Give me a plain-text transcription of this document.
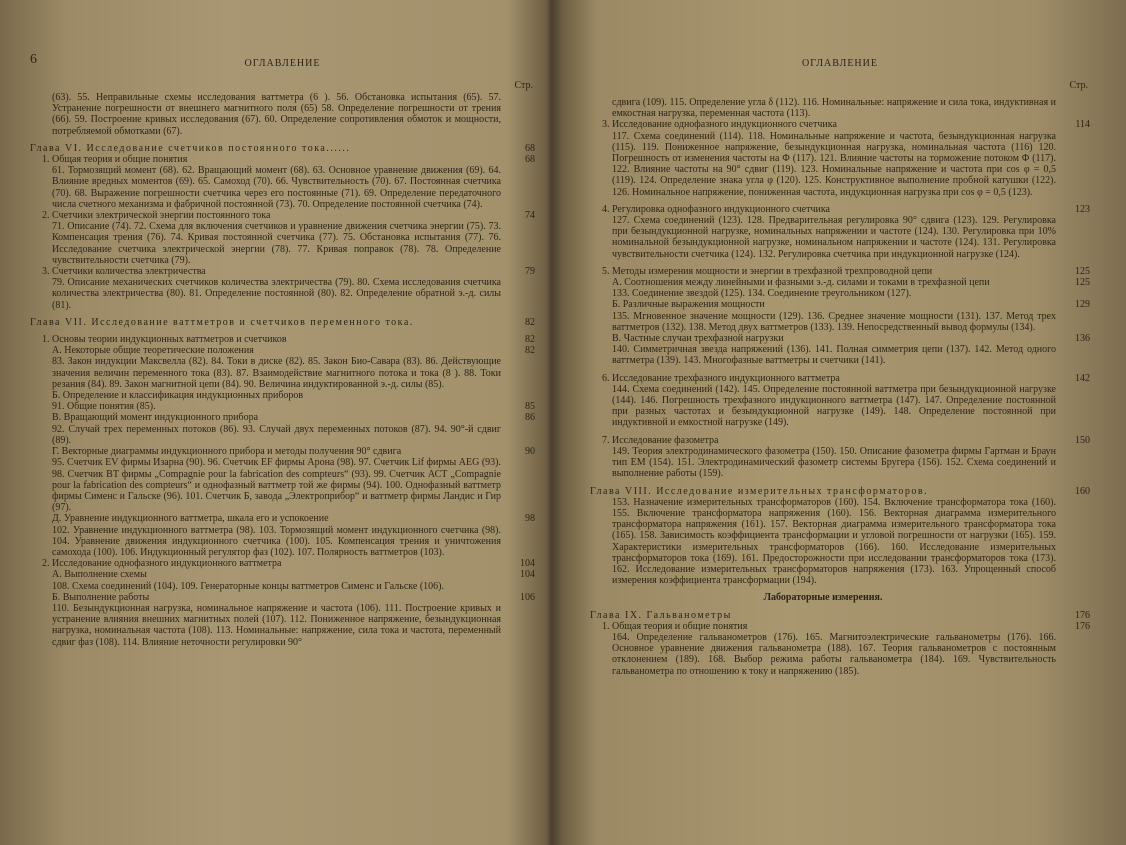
6	ОГЛАВЛЕНИЕ
Стр.
(63). 55. Неправильные схемы исследования ваттметра (6 ). 56. Обстановка испытания (65). 57. Устранение погрешности от внешнего магнитного поля (65) 58. Определение погрешности от трения (66). 59. Построение кривых исследования (67). 60. Определение сопротивления обмоток и мощности, потребляемой обмотками (67).
Глава VI. Исследование счетчиков постоянного тока......	68
1. Общая теория и общие понятия	68
61. Тормозящий момент (68). 62. Вращающий момент (68). 63. Основное уравнение движения (69). 64. Влияние вредных моментов (69). 65. Самоход (70). 66. Чувствительность (70). 67. Постоянная счетчика (70). 68. Выражение погрешности счетчика через его постоянные (71). 69. Определение передаточного числа счетного механизма и фабричной постоянной (73). 70. Определение постоянной счетчика (74).
2. Счетчики электрической энергии постоянного тока	74
71. Описание (74). 72. Схема для включения счетчиков и уравнение движения счетчика энергии (75). 73. Компенсация трения (76). 74. Кривая постоянной счетчика (77). 75. Обстановка испытания (77). 76. Исследование счетчика электрической энергии (78). 77. Кривая поправок (78). 78. Определение чувствительности счетчика (79).
3. Счетчики количества электричества	79
79. Описание механических счетчиков количества электричества (79). 80. Схема исследования счетчика количества электричества (80). 81. Определение постоянной (80). 82. Определение обратной э.-д. силы (81).
Глава VII. Исследование ваттметров и счетчиков переменного тока.	82
1. Основы теории индукционных ваттметров и счетчиков	82
А. Некоторые общие теоретические положения	82
83. Закон индукции Максвелла (82). 84. Токи в диске (82). 85. Закон Био-Савара (83). 86. Действующие значения величин переменного тока (83). 87. Взаимодействие магнитного потока и тока (8 ). 88. Токи резания (84). 89. Закон магнитной цепи (84). 90. Величина индуктированной э.-д. силы (85).
Б. Определение и классификация индукционных приборов
91. Общие понятия (85).	85
В. Вращающий момент индукционного прибора	86
92. Случай трех переменных потоков (86). 93. Случай двух переменных потоков (87). 94. 90°-й сдвиг (89).
Г. Векторные диаграммы индукционного прибора и методы получения 90° сдвига	90
95. Счетчик EV фирмы Изарна (90). 96. Счетчик EF фирмы Арона (98). 97. Счетчик Lif фирмы AEG (93). 98. Счетчик BT фирмы „Compagnie pour la fabrication des compteurs“ (93). 99. Счетчик АСТ „Compagnie pour la fabrication des compteurs“ и однофазный ваттметр той же фирмы (94). 100. Однофазный ваттметр фирмы Сименс и Гальске (96). 101. Счетчик Б, завода „Электроприбор“ и ваттметр фирмы Ландис и Гир (97).
Д. Уравнение индукционного ваттметра, шкала его и успокоение	98
102. Уравнение индукционного ваттметра (98). 103. Тормозящий момент индукционного счетчика (98). 104. Уравнение движения индукционного счетчика (100). 105. Компенсация трения и уничтожения самохода (100). 106. Индукционный регулятор фаз (102). 107. Полярность ваттметров (103).
2. Исследование однофазного индукционного ваттметра	104
А. Выполнение схемы	104
108. Схема соединений (104). 109. Генераторные концы ваттметров Сименс и Гальске (106).
Б. Выполнение работы	106
110. Безындукционная нагрузка, номинальное напряжение и частота (106). 111. Построение кривых и устранение влияния внешних магнитных полей (107). 112. Пониженное напряжение, безындукционная нагрузка, номинальная частота (108). 113. Номинальные: напряжение, сила тока и частота, переменный сдвиг фаз (108). 114. Влияние неточности регулировки 90°
ОГЛАВЛЕНИЕ
Стр.
сдвига (109). 115. Определение угла δ (112). 116. Номинальные: напряжение и сила тока, индуктивная и емкостная нагрузка, переменная частота (113).
3. Исследование однофазного индукционного счетчика	114
117. Схема соединений (114). 118. Номинальные напряжение и частота, безындукционная нагрузка (115). 119. Пониженное напряжение, безындукционная нагрузка, номинальная частота (116) 120. Погрешность от изменения частоты на Φ (117). 121. Влияние частоты на торможение потоком Φ (117). 122. Влияние частоты на 90° сдвиг (119). 123. Номинальные напряжение и частота при cos φ = 0,5 (119). 124. Определение знака угла φ (120). 125. Конструктивное выполнение пробной катушки (122). 126. Номинальное напряжение, пониженная частота, индукционная нагрузка при cos φ = 0,5 (123).
4. Регулировка однофазного индукционного счетчика	123
127. Схема соединений (123). 128. Предварительная регулировка 90° сдвига (123). 129. Регулировка при безындукционной нагрузке, номинальных напряжении и частоте (124). 130. Регулировка при 10% номинальной безындукционной нагрузке, номинальном напряжении и частоте (124). 131. Регулировка чувствительности счетчика (124). 132. Регулировка счетчика при индукционной нагрузке (124).
5. Методы измерения мощности и энергии в трехфазной трехпроводной цепи	125
А. Соотношения между линейными и фазными э.-д. силами и токами в трехфазной цепи	125
133. Соединение звездой (125). 134. Соединение треугольником (127).
Б. Различные выражения мощности	129
135. Мгновенное значение мощности (129). 136. Среднее значение мощности (131). 137. Метод трех ваттметров (132). 138. Метод двух ваттметров (133). 139. Непосредственный вывод формулы (134).
В. Частные случаи трехфазной нагрузки	136
140. Симметричная звезда напряжений (136). 141. Полная симметрия цепи (137). 142. Метод одного ваттметра (139). 143. Многофазные ваттметры и счетчики (141).
6. Исследование трехфазного индукционного ваттметра	142
144. Схема соединений (142). 145. Определение постоянной ваттметра при безындукционной нагрузке (144). 146. Погрешность трехфазного индукционного ваттметра (147). 147. Определение постоянной при разных частотах и безындукционной нагрузке (149). 148. Определение постоянной при индуктивной и емкостной нагрузке (149).
7. Исследование фазометра	150
149. Теория электродинамического фазометра (150). 150. Описание фазометра фирмы Гартман и Браун тип ЕМ (154). 151. Электродинамический фазометр системы Бругера (156). 152. Схема соединений и выполнение работы (159).
Глава VIII. Исследование измерительных трансформаторов.	160
153. Назначение измерительных трансформаторов (160). 154. Включение трансформатора тока (160). 155. Включение трансформатора напряжения (160). 156. Векторная диаграмма измерительного трансформатора напряжения (161). 157. Векторная диаграмма измерительного трансформатора тока (165). 158. Зависимость коэффициента трансформации и угловой погрешности от нагрузки (165). 159. Характеристики измерительных трансформаторов (166). 160. Исследование измерительных трансформаторов тока (169). 161. Предосторожности при исследовании трансформаторов тока (173). 162. Исследование измерительных трансформаторов напряжения (173). 163. Упрощенный способ измерения коэффициента трансформации (194).
Лабораторные измерения.
Глава IX. Гальванометры	176
1. Общая теория и общие понятия	176
164. Определение гальванометров (176). 165. Магнитоэлектрические гальванометры (176). 166. Основное уравнение движения гальванометра (188). 167. Теория гальванометров с постоянным отклонением (189). 168. Выбор режима работы гальванометра (184). 169. Чувствительность гальванометра по отношению к току и напряжению (185).
